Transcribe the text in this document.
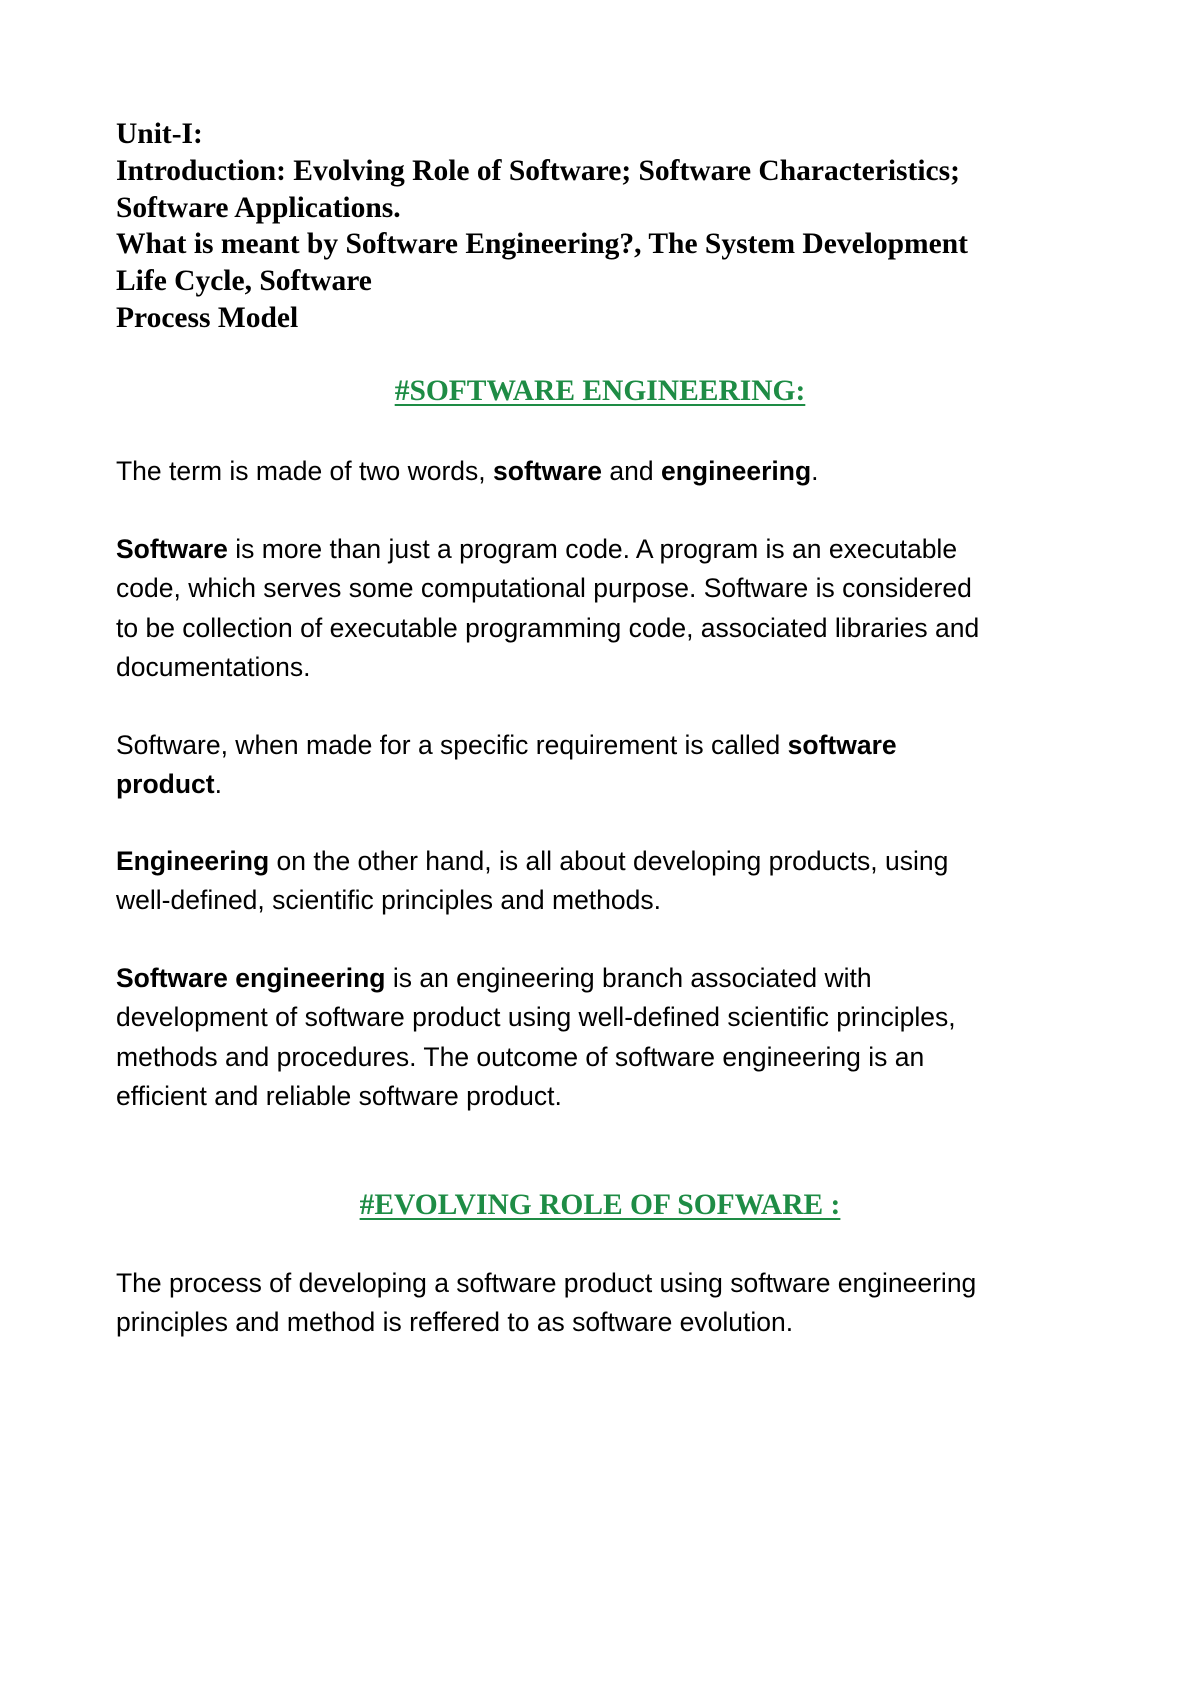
Unit-I:
Introduction: Evolving Role of Software; Software Characteristics;
Software Applications.
What is meant by Software Engineering?, The System Development
Life Cycle, Software
Process Model
#SOFTWARE ENGINEERING:
The term is made of two words, software and engineering.
Software is more than just a program code. A program is an executable
code, which serves some computational purpose. Software is considered
to be collection of executable programming code, associated libraries and
documentations.
Software, when made for a specific requirement is called software
product.
Engineering on the other hand, is all about developing products, using
well-defined, scientific principles and methods.
Software engineering is an engineering branch associated with
development of software product using well-defined scientific principles,
methods and procedures. The outcome of software engineering is an
efficient and reliable software product.
#EVOLVING ROLE OF SOFWARE :
The process of developing a software product using software engineering
principles and method is reffered to as software evolution.
